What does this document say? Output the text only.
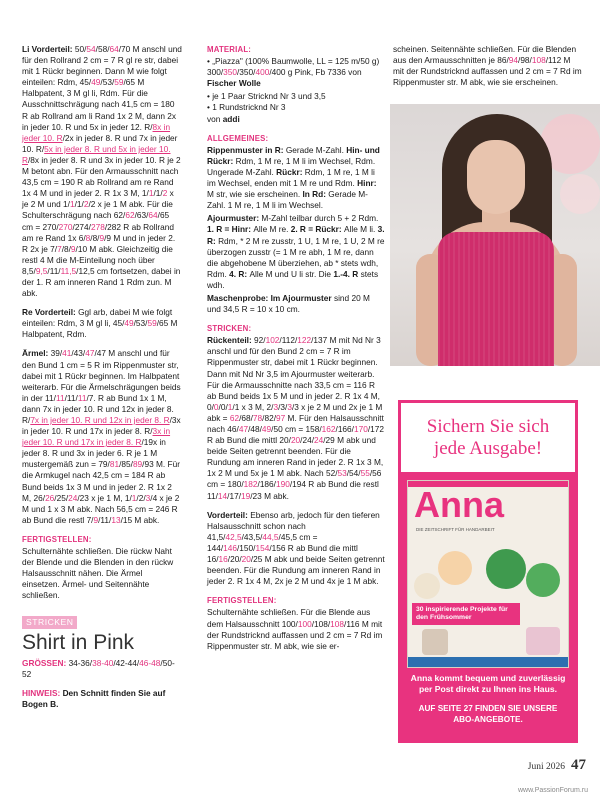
Li Vorderteil: 50/54/58/64/70 M anschl und für den Rollrand 2 cm = 7 R gl re str, dabei mit 1 Rückr beginnen. Dann M wie folgt einteilen: Rdm, 45/49/53/59/65 M Halbpatent, 3 M gl li, Rdm. Für die Ausschnittschrägung nach 41,5 cm = 180 R ab Rollrand am li Rand 1x 2 M, dann 2x in jeder 10. R und 5x in jeder 12. R/8x in jeder 10. R/2x in jeder 8. R und 7x in jeder 10. R/5x in jeder 8. R und 5x in jeder 10. R/8x in jeder 8. R und 3x in jeder 10. R je 2 M betont abn. Für den Armausschnitt nach 43,5 cm = 190 R ab Rollrand am re Rand 1x 4 M und in jeder 2. R 1x 3 M, 1/1/1/2 x je 2 M und 1/1/1/2/2 x je 1 M abk. Für die Schulterschrägung nach 62/62/63/64/65 cm = 270/270/274/278/282 R ab Rollrand am re Rand 1x 6/8/8/9/9 M und in jeder 2. R 2x je 7/7/8/9/10 M abk. Gleichzeitig die restl 4 M die M-Einteilung noch über 8,5/9,5/11/11,5/12,5 cm fortsetzen, dabei in der 1. R am inneren Rand 1 Rdm zun. M abk.

Re Vorderteil: Ggl arb, dabei M wie folgt einteilen: Rdm, 3 M gl li, 45/49/53/59/65 M Halbpatent, Rdm.

Ärmel: 39/41/43/47/47 M anschl und für den Bund 1 cm = 5 R im Rippenmuster str, dabei mit 1 Rückr beginnen. Im Halbpatent weiterarb. Für die Ärmelschrägungen beids in der 11/11/11/11/7. R ab Bund 1x 1 M, dann 7x in jeder 10. R und 12x in jeder 8. R/7x in jeder 10. R und 12x in jeder 8. R/3x in jeder 10. R und 17x in jeder 8. R/3x in jeder 10. R und 17x in jeder 8. R/19x in jeder 8. R und 3x in jeder 6. R je 1 M mustergemäß zun = 79/81/85/89/93 M. Für die Armkugel nach 42,5 cm = 184 R ab Bund beids 1x 3 M und in jeder 2. R 1x 2 M, 26/26/25/24/23 x je 1 M, 1/1/2/3/4 x je 2 M und 1 x 3 M abk. Nach 56,5 cm = 246 R ab Bund die restl 7/9/11/13/15 M abk.

FERTIGSTELLEN:

Schulternähte schließen. Die rückw Naht der Blende und die Blenden in den rückw Halsausschnitt nähen. Die Ärmel einsetzen. Ärmel- und Seitennähte schließen.

STRICKEN
Shirt in Pink

GRÖSSEN: 34-36/38-40/42-44/46-48/50-52

HINWEIS: Den Schnitt finden Sie auf Bogen B.

MATERIAL:

• „Piazza" (100% Baumwolle, LL = 125 m/50 g) 300/350/350/400/400 g Pink, Fb 7336 von Fischer Wolle

• je 1 Paar Stricknd Nr 3 und 3,5
• 1 Rundstricknd Nr 3

von addi

ALLGEMEINES:

Rippenmuster in R: Gerade M-Zahl. Hin- und Rückr: Rdm, 1 M re, 1 M li im Wechsel, Rdm. Ungerade M-Zahl. Rückr: Rdm, 1 M re, 1 M li im Wechsel, enden mit 1 M re und Rdm. Hinr: M str, wie sie erscheinen. In Rd: Gerade M-Zahl. 1 M re, 1 M li im Wechsel.

Ajourmuster: M-Zahl teilbar durch 5 + 2 Rdm. 1. R = Hinr: Alle M re. 2. R = Rückr: Alle M li. 3. R: Rdm, * 2 M re zusstr, 1 U, 1 M re, 1 U, 2 M re überzogen zusstr (= 1 M re abh, 1 M re, dann die abgehobene M überziehen, ab * stets wdh, Rdm. 4. R: Alle M und U li str. Die 1.-4. R stets wdh.

Maschenprobe: Im Ajourmuster sind 20 M und 34,5 R = 10 x 10 cm.

STRICKEN:

Rückenteil: 92/102/112/122/137 M mit Nd Nr 3 anschl und für den Bund 2 cm = 7 R im Rippenmuster str, dabei mit 1 Rückr beginnen. Dann mit Nd Nr 3,5 im Ajourmuster weiterarb. Für die Armausschnitte nach 33,5 cm = 116 R ab Bund beids 1x 5 M und in jeder 2. R 1x 4 M, 0/0/0/1/1 x 3 M, 2/3/3/3/3 x je 2 M und 2x je 1 M abk = 62/68/78/82/97 M. Für den Halsausschnitt nach 46/47/48/49/50 cm = 158/162/166/170/172 R ab Bund die mittl 20/20/24/24/29 M abk und beide Seiten getrennt beenden. Für die Rundung am inneren Rand in jeder 2. R 1x 3 M, 1x 2 M und 5x je 1 M abk. Nach 52/53/54/55/56 cm = 180/182/186/190/194 R ab Bund die restl 11/14/17/19/23 M abk.

Vorderteil: Ebenso arb, jedoch für den tieferen Halsausschnitt schon nach 41,5/42,5/43,5/44,5/45,5 cm = 144/146/150/154/156 R ab Bund die mittl 16/16/20/20/25 M abk und beide Seiten getrennt beenden. Für die Rundung am inneren Rand in jeder 2. R 1x 4 M, 2x je 2 M und 4x je 1 M abk.

FERTIGSTELLEN:

Schulternähte schließen. Für die Blende aus dem Halsausschnitt 100/100/108/108/116 M mit der Rundstricknd auffassen und 2 cm = 7 Rd im Rippenmuster str. M abk, wie sie er-

scheinen. Seitennähte schließen. Für die Blenden aus den Armausschnitten je 86/94/98/108/112 M mit der Rundstricknd auffassen und 2 cm = 7 Rd im Rippenmuster str. M abk, wie sie erscheinen.

Sichern Sie sich
jede Ausgabe!
Anna
DIE ZEITSCHRIFT FÜR HANDARBEIT
30 inspirierende Projekte für den Frühsommer
Anna kommt bequem und zuverlässig per Post direkt zu Ihnen ins Haus.
AUF SEITE 27 FINDEN SIE UNSERE ABO-ANGEBOTE.
Juni 2026 47
www.PassionForum.ru
